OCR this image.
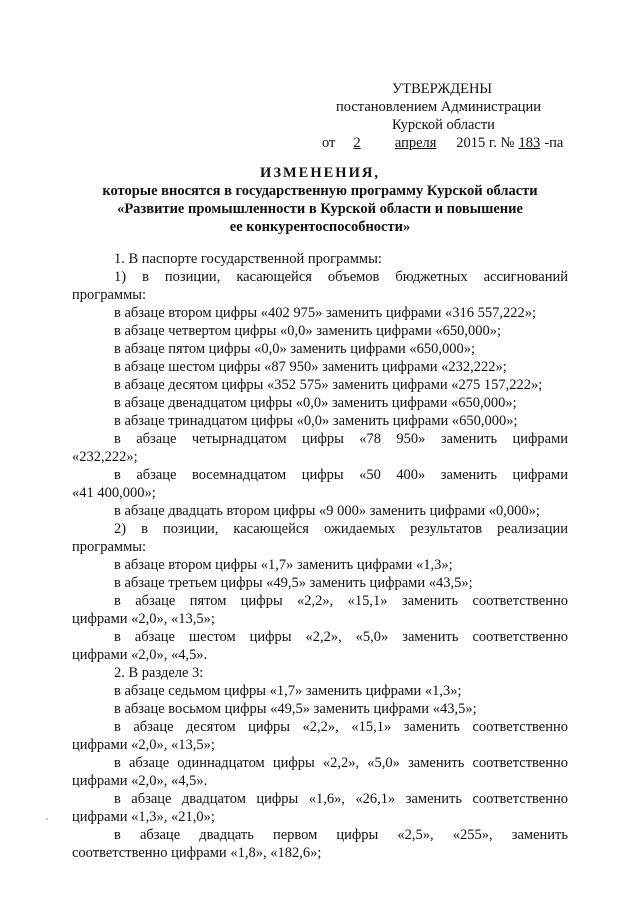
УТВЕРЖДЕНЫ
постановлением Администрации
Курской области
от 2 апреля 2015 г. № 183 -па
ИЗМЕНЕНИЯ,
которые вносятся в государственную программу Курской области
«Развитие промышленности в Курской области и повышение
ее конкурентоспособности»
1. В паспорте государственной программы:
1) в позиции, касающейся объемов бюджетных ассигнований
программы:
в абзаце втором цифры «402 975» заменить цифрами «316 557,222»;
в абзаце четвертом цифры «0,0» заменить цифрами «650,000»;
в абзаце пятом цифры «0,0» заменить цифрами «650,000»;
в абзаце шестом цифры «87 950» заменить цифрами «232,222»;
в абзаце десятом цифры «352 575» заменить цифрами «275 157,222»;
в абзаце двенадцатом цифры «0,0» заменить цифрами «650,000»;
в абзаце тринадцатом цифры «0,0» заменить цифрами «650,000»;
в абзаце четырнадцатом цифры «78 950» заменить цифрами
«232,222»;
в абзаце восемнадцатом цифры «50 400» заменить цифрами
«41 400,000»;
в абзаце двадцать втором цифры «9 000» заменить цифрами «0,000»;
2) в позиции, касающейся ожидаемых результатов реализации
программы:
в абзаце втором цифры «1,7» заменить цифрами «1,3»;
в абзаце третьем цифры «49,5» заменить цифрами «43,5»;
в абзаце пятом цифры «2,2», «15,1» заменить соответственно
цифрами «2,0», «13,5»;
в абзаце шестом цифры «2,2», «5,0» заменить соответственно
цифрами «2,0», «4,5».
2. В разделе 3:
в абзаце седьмом цифры «1,7» заменить цифрами «1,3»;
в абзаце восьмом цифры «49,5» заменить цифрами «43,5»;
в абзаце десятом цифры «2,2», «15,1» заменить соответственно
цифрами «2,0», «13,5»;
в абзаце одиннадцатом цифры «2,2», «5,0» заменить соответственно
цифрами «2,0», «4,5».
в абзаце двадцатом цифры «1,6», «26,1» заменить соответственно
цифрами «1,3», «21,0»;
в абзаце двадцать первом цифры «2,5», «255», заменить
соответственно цифрами «1,8», «182,6»;
